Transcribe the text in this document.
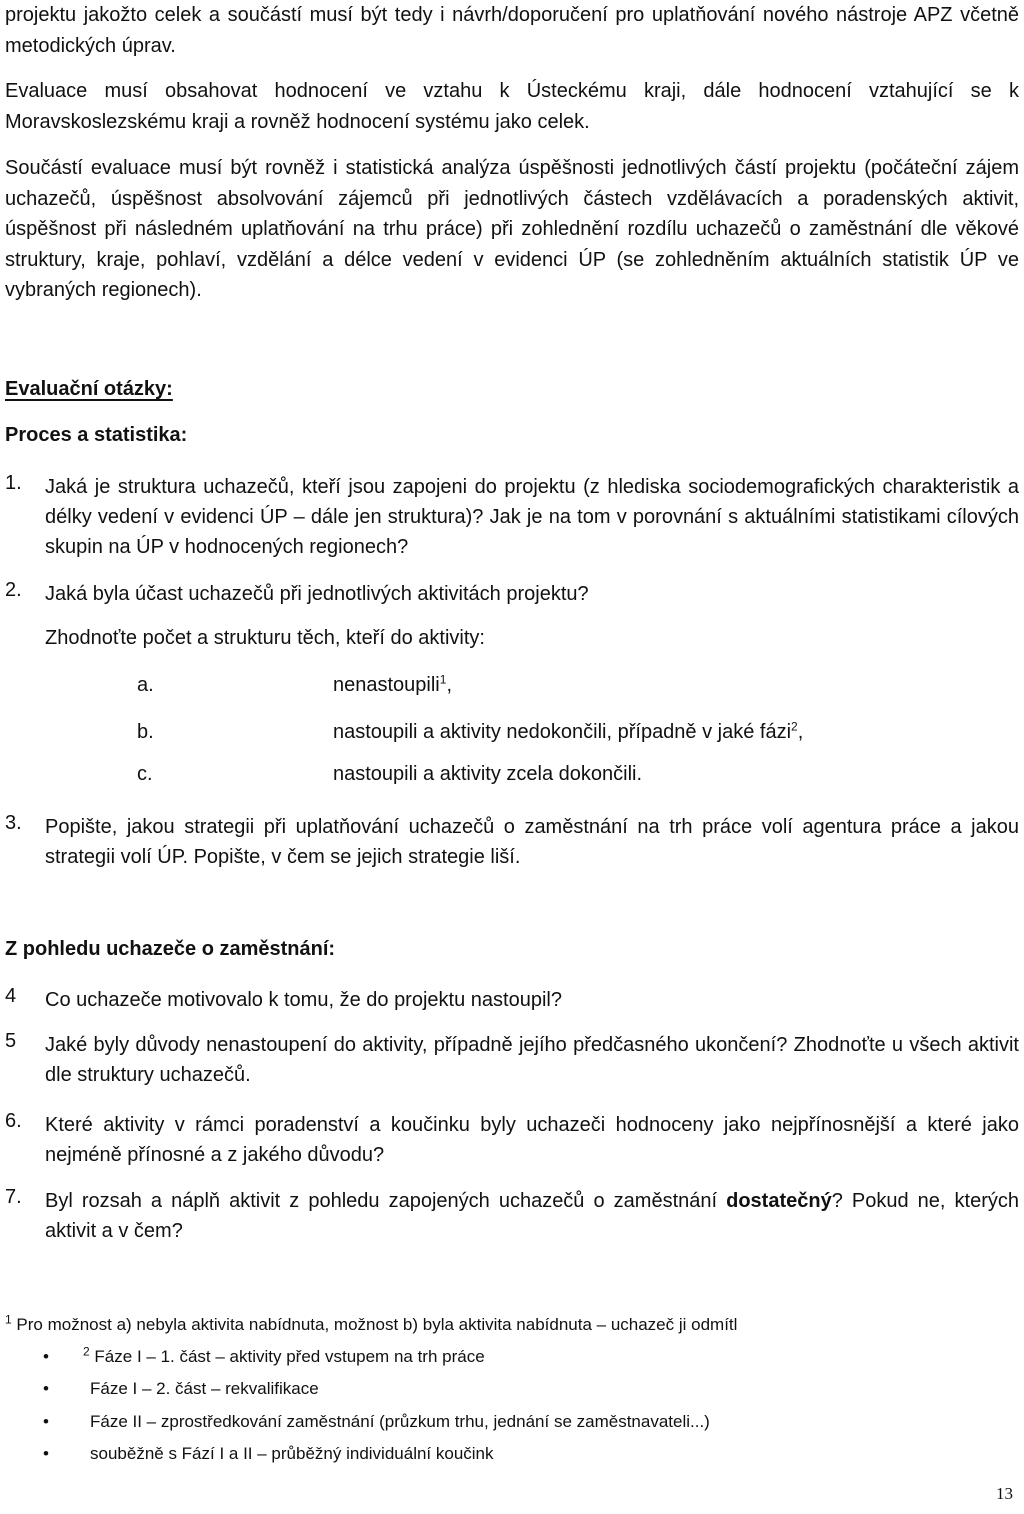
projektu jakožto celek a součástí musí být tedy i návrh/doporučení pro uplatňování nového nástroje APZ včetně metodických úprav.

Evaluace musí obsahovat hodnocení ve vztahu k Ústeckému kraji, dále hodnocení vztahující se k Moravskoslezskému kraji a rovněž hodnocení systému jako celek.

Součástí evaluace musí být rovněž i statistická analýza úspěšnosti jednotlivých částí projektu (počáteční zájem uchazečů, úspěšnost absolvování zájemců při jednotlivých částech vzdělávacích a poradenských aktivit, úspěšnost při následném uplatňování na trhu práce) při zohlednění rozdílu uchazečů o zaměstnání dle věkové struktury, kraje, pohlaví, vzdělání a délce vedení v evidenci ÚP (se zohledněním aktuálních statistik ÚP ve vybraných regionech).

Evaluační otázky:
Proces a statistika:
1.	Jaká je struktura uchazečů, kteří jsou zapojeni do projektu (z hlediska sociodemografických charakteristik a délky vedení v evidenci ÚP – dále jen struktura)? Jak je na tom v porovnání s aktuálními statistikami cílových skupin na ÚP v hodnocených regionech?
2.	Jaká byla účast uchazečů při jednotlivých aktivitách projektu?
Zhodnoťte počet a strukturu těch, kteří do aktivity:
a.	nenastoupili$^1$,
b.	nastoupili a aktivity nedokončili, případně v jaké fázi$^2$,
c.	nastoupili a aktivity zcela dokončili.
3.	Popište, jakou strategii při uplatňování uchazečů o zaměstnání na trh práce volí agentura práce a jakou strategii volí ÚP. Popište, v čem se jejich strategie liší.
Z pohledu uchazeče o zaměstnání:
4	Co uchazeče motivovalo k tomu, že do projektu nastoupil?
5	Jaké byly důvody nenastoupení do aktivity, případně jejího předčasného ukončení? Zhodnoťte u všech aktivit dle struktury uchazečů.
6.	Které aktivity v rámci poradenství a koučinku byly uchazeči hodnoceny jako nejpřínosnější a které jako nejméně přínosné a z jakého důvodu?
7.	Byl rozsah a náplň aktivit z pohledu zapojených uchazečů o zaměstnání dostatečný? Pokud ne, kterých aktivit a v čem?
$^1$ Pro možnost a) nebyla aktivita nabídnuta, možnost b) byla aktivita nabídnuta – uchazeč ji odmítl
•	$^2$ Fáze I – 1. část – aktivity před vstupem na trh práce
• Fáze I – 2. část – rekvalifikace
• Fáze II – zprostředkování zaměstnání (průzkum trhu, jednání se zaměstnavateli...)
• souběžně s Fází I a II – průběžný individuální koučink
13
